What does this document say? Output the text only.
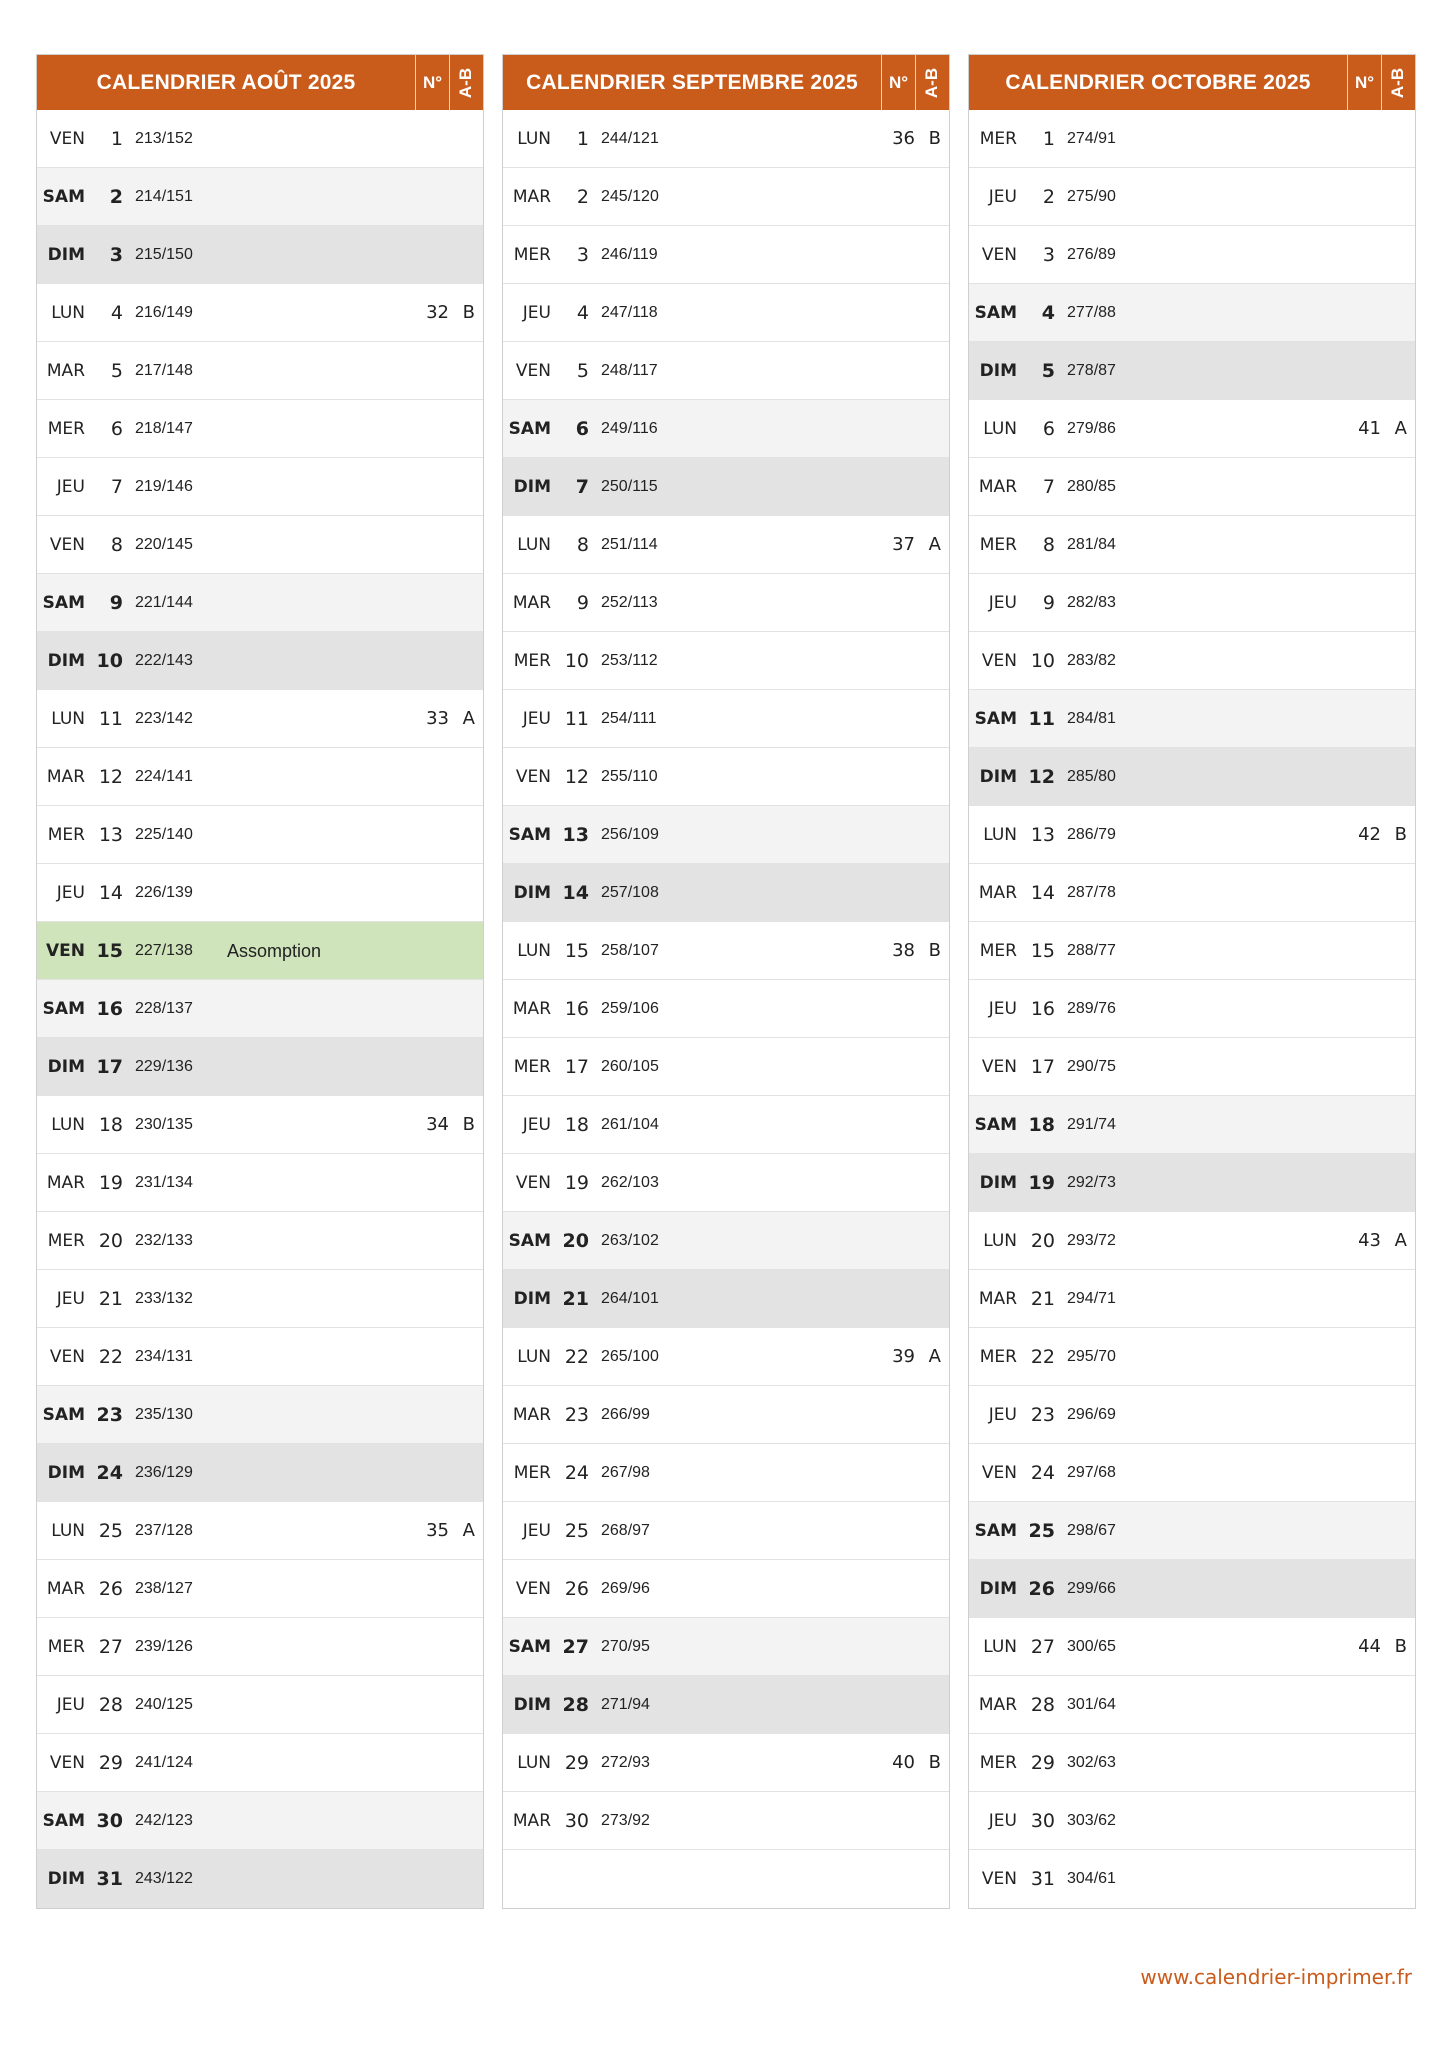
CALENDRIER AOÛT 2025	N° A-B
VEN 1 213/152
SAM 2 214/151
DIM 3 215/150
LUN 4 216/149	32 B
MAR 5 217/148
MER 6 218/147
JEU 7 219/146
VEN 8 220/145
SAM 9 221/144
DIM 10 222/143
LUN 11 223/142	33 A
MAR 12 224/141
MER 13 225/140
JEU 14 226/139
VEN 15 227/138 Assomption
SAM 16 228/137
DIM 17 229/136
LUN 18 230/135	34 B
MAR 19 231/134
MER 20 232/133
JEU 21 233/132
VEN 22 234/131
SAM 23 235/130
DIM 24 236/129
LUN 25 237/128	35 A
MAR 26 238/127
MER 27 239/126
JEU 28 240/125
VEN 29 241/124
SAM 30 242/123
DIM 31 243/122
CALENDRIER SEPTEMBRE 2025	N° A-B
LUN 1 244/121	36 B
MAR 2 245/120
MER 3 246/119
JEU 4 247/118
VEN 5 248/117
SAM 6 249/116
DIM 7 250/115
LUN 8 251/114	37 A
MAR 9 252/113
MER 10 253/112
JEU 11 254/111
VEN 12 255/110
SAM 13 256/109
DIM 14 257/108
LUN 15 258/107	38 B
MAR 16 259/106
MER 17 260/105
JEU 18 261/104
VEN 19 262/103
SAM 20 263/102
DIM 21 264/101
LUN 22 265/100	39 A
MAR 23 266/99
MER 24 267/98
JEU 25 268/97
VEN 26 269/96
SAM 27 270/95
DIM 28 271/94
LUN 29 272/93	40 B
MAR 30 273/92
CALENDRIER OCTOBRE 2025	N° A-B
MER 1 274/91
JEU 2 275/90
VEN 3 276/89
SAM 4 277/88
DIM 5 278/87
LUN 6 279/86	41 A
MAR 7 280/85
MER 8 281/84
JEU 9 282/83
VEN 10 283/82
SAM 11 284/81
DIM 12 285/80
LUN 13 286/79	42 B
MAR 14 287/78
MER 15 288/77
JEU 16 289/76
VEN 17 290/75
SAM 18 291/74
DIM 19 292/73
LUN 20 293/72	43 A
MAR 21 294/71
MER 22 295/70
JEU 23 296/69
VEN 24 297/68
SAM 25 298/67
DIM 26 299/66
LUN 27 300/65	44 B
MAR 28 301/64
MER 29 302/63
JEU 30 303/62
VEN 31 304/61
www.calendrier-imprimer.fr
